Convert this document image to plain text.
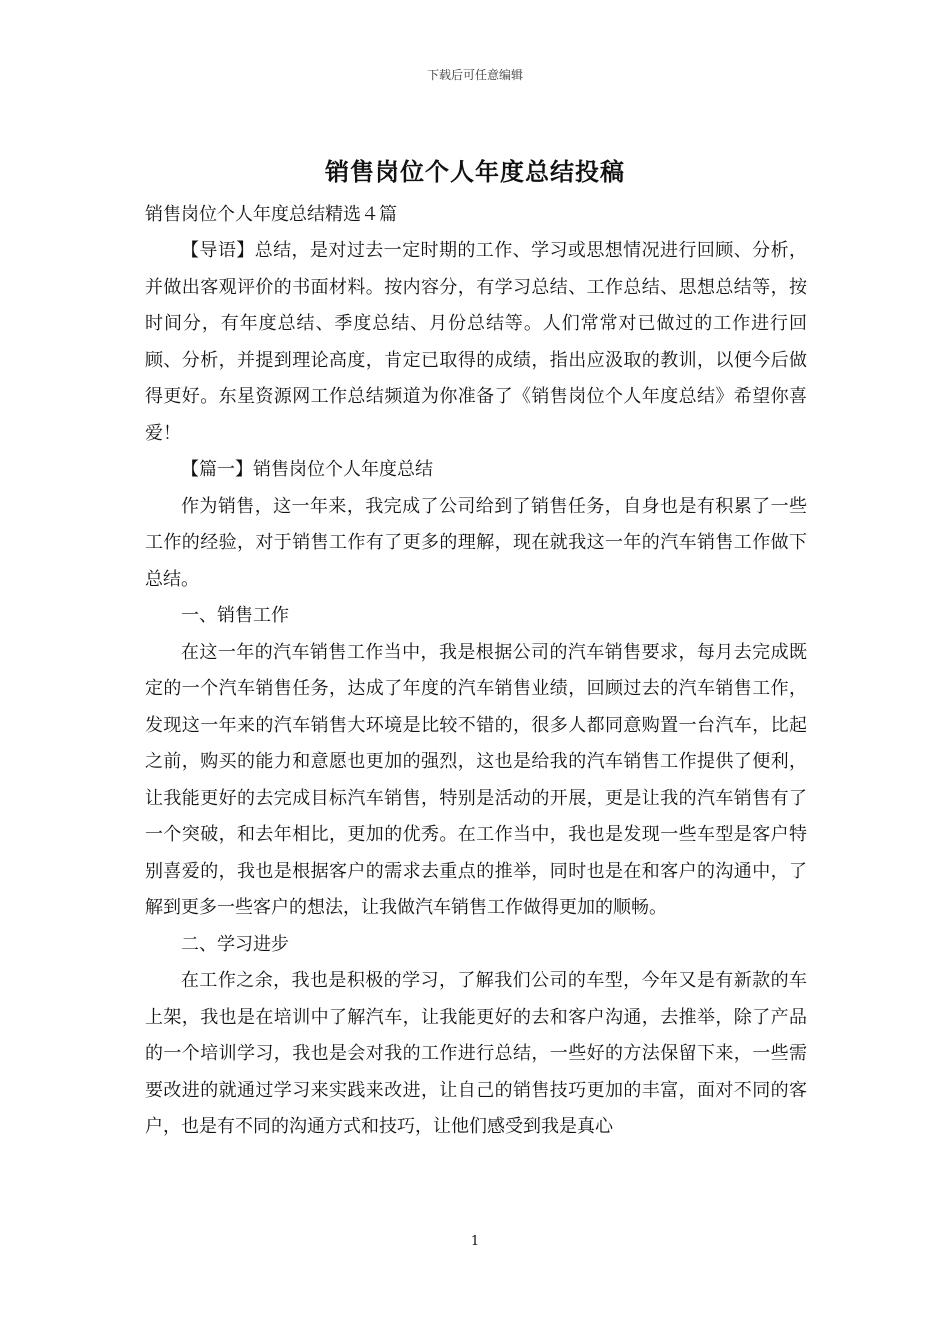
下载后可任意编辑
销售岗位个人年度总结投稿

销售岗位个人年度总结精选４篇

【导语】总结，是对过去一定时期的工作、学习或思想情况进行回顾、分析，并做出客观评价的书面材料。按内容分，有学习总结、工作总结、思想总结等，按时间分，有年度总结、季度总结、月份总结等。人们常常对已做过的工作进行回顾、分析，并提到理论高度，肯定已取得的成绩，指出应汲取的教训，以便今后做得更好。东星资源网工作总结频道为你准备了《销售岗位个人年度总结》希望你喜爱！

【篇一】销售岗位个人年度总结

作为销售，这一年来，我完成了公司给到了销售任务，自身也是有积累了一些工作的经验，对于销售工作有了更多的理解，现在就我这一年的汽车销售工作做下总结。

一、销售工作

在这一年的汽车销售工作当中，我是根据公司的汽车销售要求，每月去完成既定的一个汽车销售任务，达成了年度的汽车销售业绩，回顾过去的汽车销售工作，发现这一年来的汽车销售大环境是比较不错的，很多人都同意购置一台汽车，比起之前，购买的能力和意愿也更加的强烈，这也是给我的汽车销售工作提供了便利，让我能更好的去完成目标汽车销售，特别是活动的开展，更是让我的汽车销售有了一个突破，和去年相比，更加的优秀。在工作当中，我也是发现一些车型是客户特别喜爱的，我也是根据客户的需求去重点的推举，同时也是在和客户的沟通中，了解到更多一些客户的想法，让我做汽车销售工作做得更加的顺畅。

二、学习进步

在工作之余，我也是积极的学习，了解我们公司的车型，今年又是有新款的车上架，我也是在培训中了解汽车，让我能更好的去和客户沟通，去推举，除了产品的一个培训学习，我也是会对我的工作进行总结，一些好的方法保留下来，一些需要改进的就通过学习来实践来改进，让自己的销售技巧更加的丰富，面对不同的客户，也是有不同的沟通方式和技巧，让他们感受到我是真心

1
